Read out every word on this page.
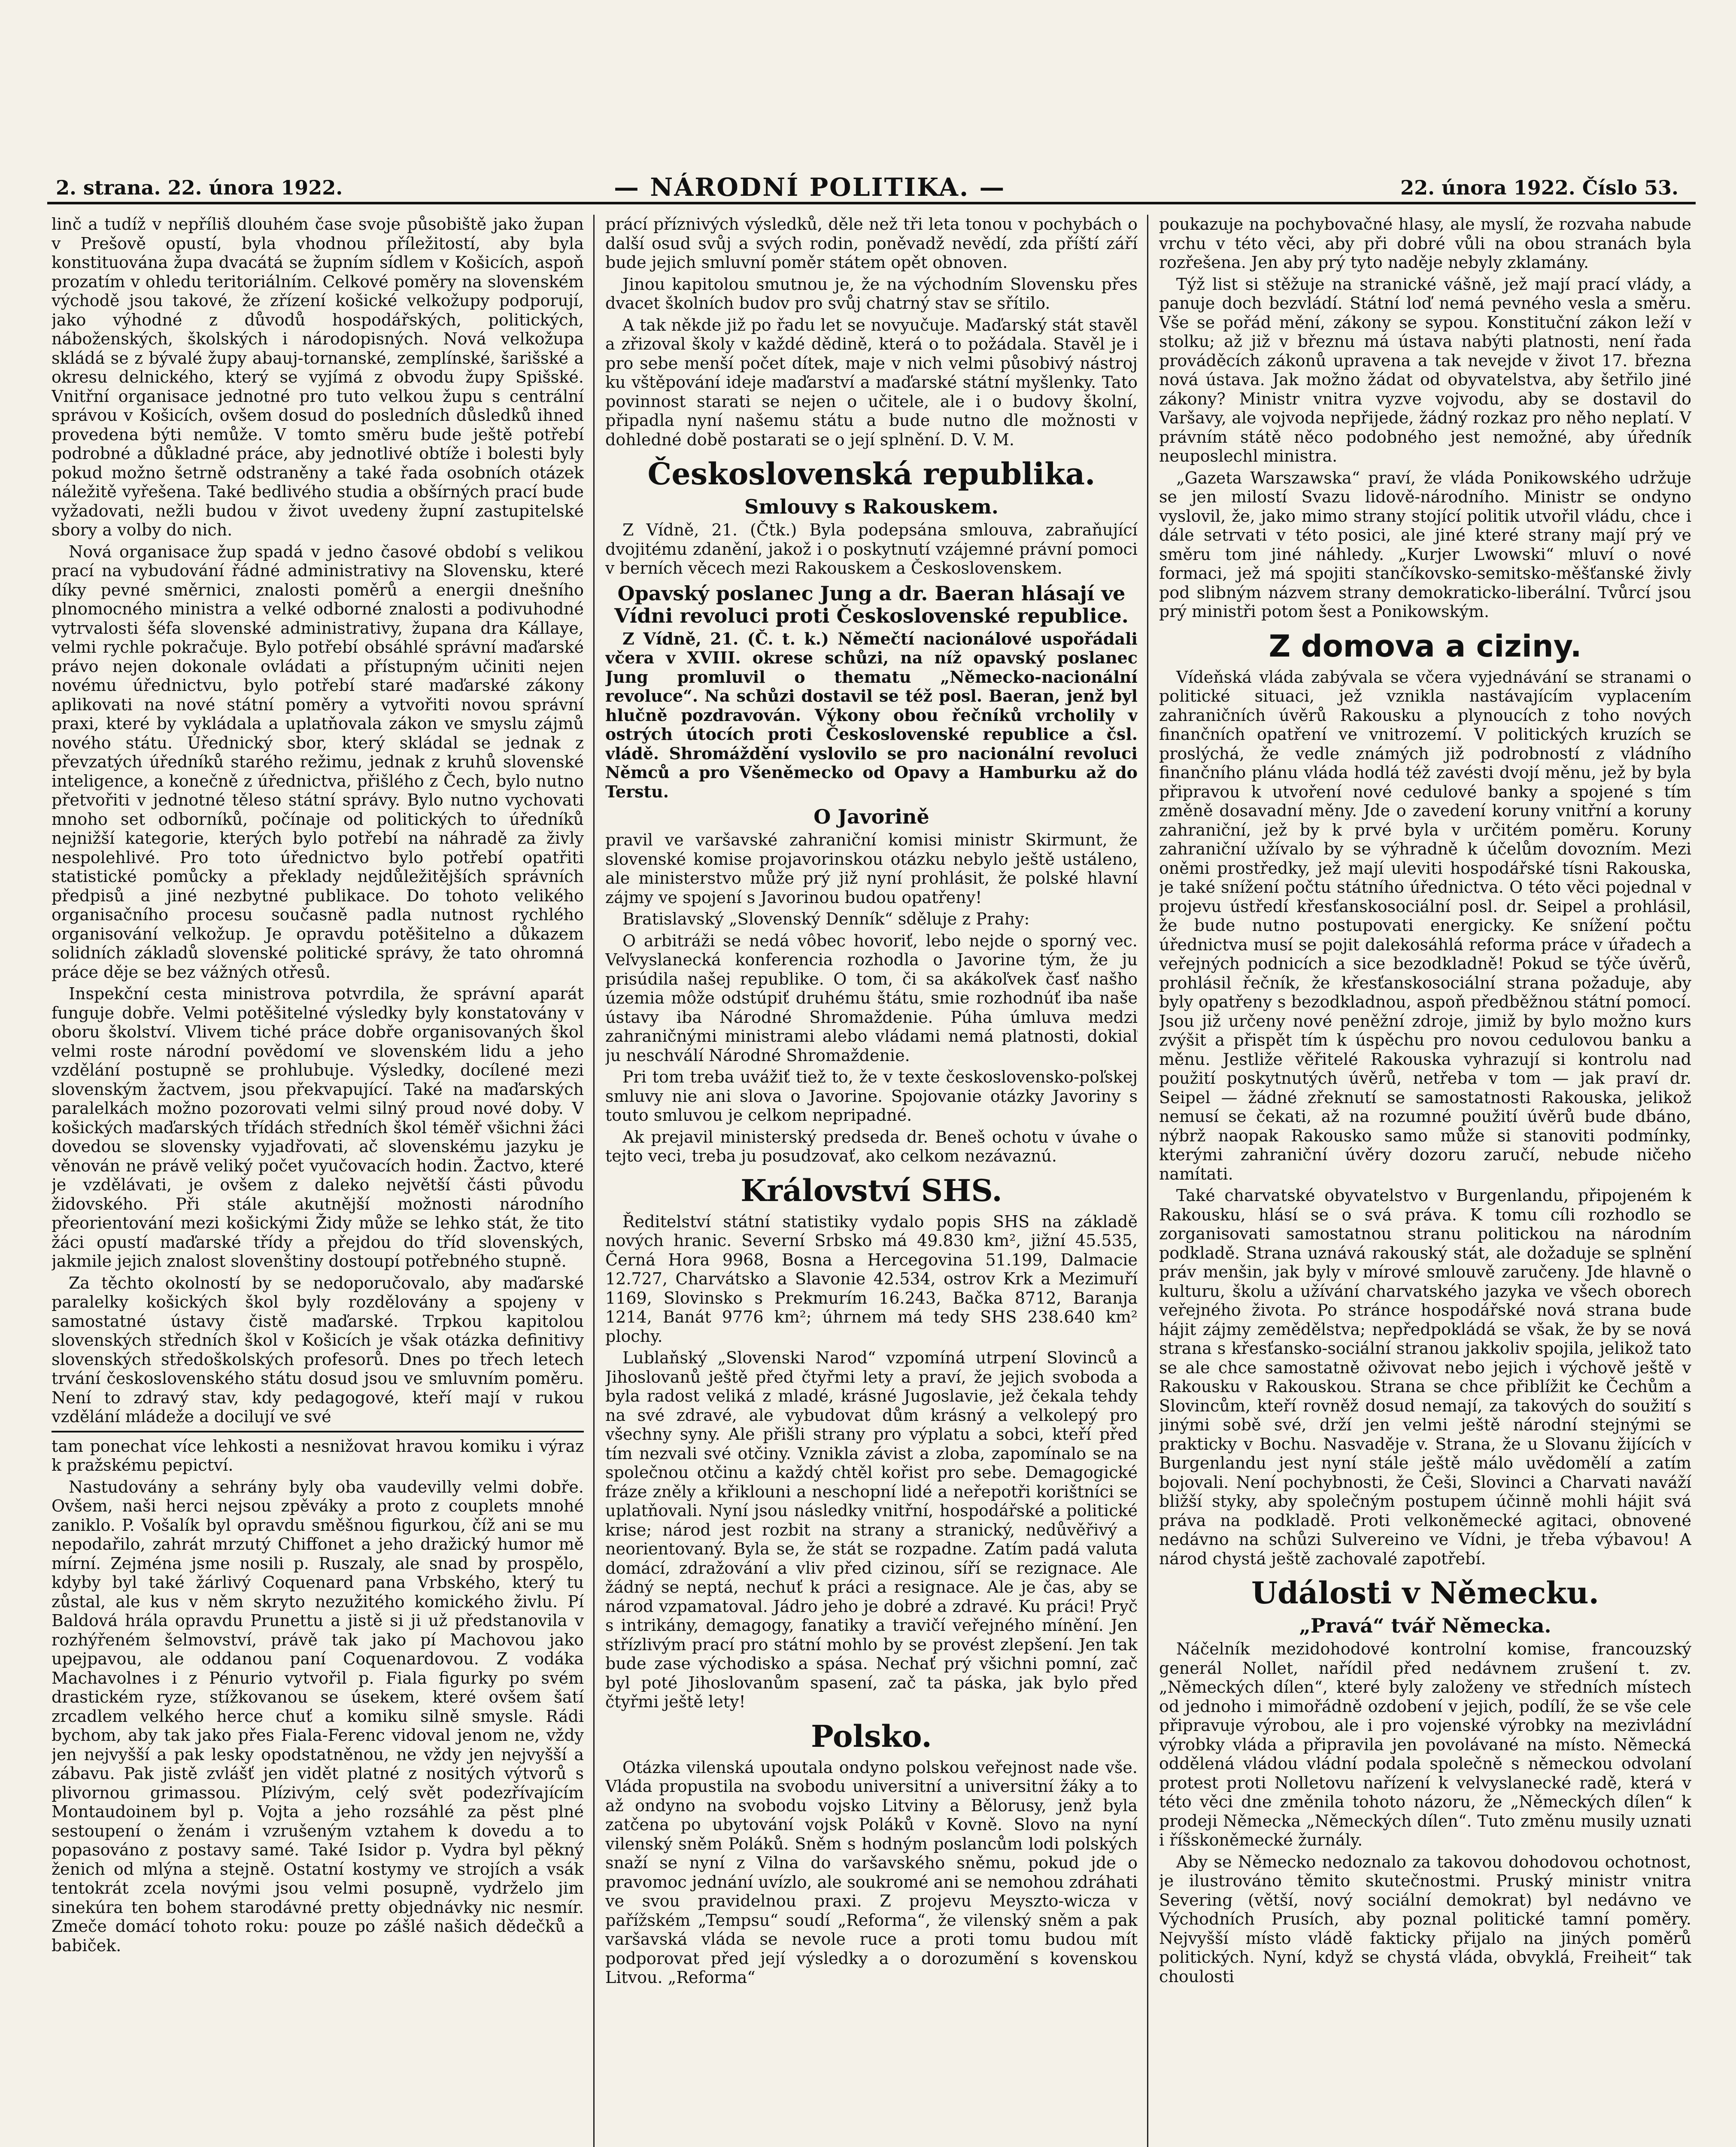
2. strana. 22. února 1922.	— NÁRODNÍ POLITIKA. —	22. února 1922. Číslo 53.

linč a tudíž v nepříliš dlouhém čase svoje působiště jako župan v Prešově opustí, byla vhodnou příležitostí, aby byla konstituována župa dvacátá se župním sídlem v Košicích, aspoň prozatím v ohledu teritoriálním. Celkové poměry na slovenském východě jsou takové, že zřízení košické velkožupy podporují, jako výhodné z důvodů hospodářských, politických, náboženských, školských i národopisných. Nová velkožupa skládá se z bývalé župy abauj-tornanské, zemplínské, šarišské a okresu delnického, který se vyjímá z obvodu župy Spišské. Vnitřní organisace jednotné pro tuto velkou župu s centrální správou v Košicích, ovšem dosud do posledních důsledků ihned provedena býti nemůže. V tomto směru bude ještě potřebí podrobné a důkladné práce, aby jednotlivé obtíže i bolesti byly pokud možno šetrně odstraněny a také řada osobních otázek náležitě vyřešena. Také bedlivého studia a obšírných prací bude vyžadovati, nežli budou v život uvedeny župní zastupitelské sbory a volby do nich.

Nová organisace žup spadá v jedno časové období s velikou prací na vybudování řádné administrativy na Slovensku, které díky pevné směrnici, znalosti poměrů a energii dnešního plnomocného ministra a velké odborné znalosti a podivuhodné vytrvalosti šéfa slovenské administrativy, župana dra Kállaye, velmi rychle pokračuje. Bylo potřebí obsáhlé správní maďarské právo nejen dokonale ovládati a přístupným učiniti nejen novému úřednictvu, bylo potřebí staré maďarské zákony aplikovati na nové státní poměry a vytvořiti novou správní praxi, které by vykládala a uplatňovala zákon ve smyslu zájmů nového státu. Úřednický sbor, který skládal se jednak z převzatých úředníků starého režimu, jednak z kruhů slovenské inteligence, a konečně z úřednictva, přišlého z Čech, bylo nutno přetvořiti v jednotné těleso státní správy. Bylo nutno vychovati mnoho set odborníků, počínaje od politických to úředníků nejnižší kategorie, kterých bylo potřebí na náhradě za živly nespolehlivé. Pro toto úřednictvo bylo potřebí opatřiti statistické pomůcky a překlady nejdůležitějších správních předpisů a jiné nezbytné publikace. Do tohoto velikého organisačního procesu současně padla nutnost rychlého organisování velkožup. Je opravdu potěšitelno a důkazem solidních základů slovenské politické správy, že tato ohromná práce děje se bez vážných otřesů.

Inspekční cesta ministrova potvrdila, že správní aparát funguje dobře. Velmi potěšitelné výsledky byly konstatovány v oboru školství. Vlivem tiché práce dobře organisovaných škol velmi roste národní povědomí ve slovenském lidu a jeho vzdělání postupně se prohlubuje. Výsledky, docílené mezi slovenským žactvem, jsou překvapující. Také na maďarských paralelkách možno pozorovati velmi silný proud nové doby. V košických maďarských třídách středních škol téměř všichni žáci dovedou se slovensky vyjadřovati, ač slovenskému jazyku je věnován ne právě veliký počet vyučovacích hodin. Žactvo, které je vzdělávati, je ovšem z daleko největší části původu židovského. Při stále akutnější možnosti národního přeorientování mezi košickými Židy může se lehko stát, že tito žáci opustí maďarské třídy a přejdou do tříd slovenských, jakmile jejich znalost slovenštiny dostoupí potřebného stupně.

Za těchto okolností by se nedoporučovalo, aby maďarské paralelky košických škol byly rozdělovány a spojeny v samostatné ústavy čistě maďarské. Trpkou kapitolou slovenských středních škol v Košicích je však otázka definitivy slovenských středoškolských profesorů. Dnes po třech letech trvání československého státu dosud jsou ve smluvním poměru. Není to zdravý stav, kdy pedagogové, kteří mají v rukou vzdělání mládeže a docilují ve své

tam ponechat více lehkosti a nesnižovat hravou komiku i výraz k pražskému pepictví.

Nastudovány a sehrány byly oba vaudevilly velmi dobře. Ovšem, naši herci nejsou zpěváky a proto z couplets mnohé zaniklo. P. Vošalík byl opravdu směšnou figurkou, číž ani se mu nepodařilo, zahrát mrzutý Chiffonet a jeho dražický humor mě mírní. Zejména jsme nosili p. Ruszaly, ale snad by prospělo, kdyby byl také žárlivý Coquenard pana Vrbského, který tu zůstal, ale kus v něm skryto nezužitého komického živlu. Pí Baldová hrála opravdu Prunettu a jistě si ji už předstanovila v rozhýřeném šelmovství, právě tak jako pí Machovou jako upejpavou, ale oddanou paní Coquenardovou. Z vodáka Machavolnes i z Pénurio vytvořil p. Fiala figurky po svém drastickém ryze, stížkovanou se úsekem, které ovšem šatí zrcadlem velkého herce chuť a komiku silně smysle. Rádi bychom, aby tak jako přes Fiala-Ferenc vidoval jenom ne, vždy jen nejvyšší a pak lesky opodstatněnou, ne vždy jen nejvyšší a zábavu. Pak jistě zvlášť jen vidět platné z nositých výtvorů s plivornou grimassou. Plízivým, celý svět podezřívajícím Montaudoinem byl p. Vojta a jeho rozsáhlé za pěst plné sestoupení o ženám i vzrušeným vztahem k dovedu a to popasováno z postavy samé. Také Isidor p. Vydra byl pěkný ženich od mlýna a stejně. Ostatní kostymy ve strojích a vsák tentokrát zcela novými jsou velmi posupně, vydrželo jim sinekúra ten bohem starodávné pretty objednávky nic nesmír. Zmeče domácí tohoto roku: pouze po zášlé našich dědečků a babiček.

prácí příznivých výsledků, děle než tři leta tonou v pochybách o další osud svůj a svých rodin, poněvadž nevědí, zda příští září bude jejich smluvní poměr státem opět obnoven.

Jinou kapitolou smutnou je, že na východním Slovensku přes dvacet školních budov pro svůj chatrný stav se sřítilo.

A tak někde již po řadu let se novyučuje. Maďarský stát stavěl a zřizoval školy v každé dědině, která o to požádala. Stavěl je i pro sebe menší počet dítek, maje v nich velmi působivý nástroj ku vštěpování ideje maďarství a maďarské státní myšlenky. Tato povinnost starati se nejen o učitele, ale i o budovy školní, připadla nyní našemu státu a bude nutno dle možnosti v dohledné době postarati se o její splnění. D. V. M.

Československá republika.
Smlouvy s Rakouskem.

Z Vídně, 21. (Čtk.) Byla podepsána smlouva, zabraňující dvojitému zdanění, jakož i o poskytnutí vzájemné právní pomoci v berních věcech mezi Rakouskem a Československem.

Opavský poslanec Jung a dr. Baeran hlásají ve Vídni revoluci proti Československé republice.

Z Vídně, 21. (Č. t. k.) Němečtí nacionálové uspořádali včera v XVIII. okrese schůzi, na níž opavský poslanec Jung promluvil o thematu „Německo-nacionální revoluce“. Na schůzi dostavil se též posl. Baeran, jenž byl hlučně pozdravován. Výkony obou řečníků vrcholily v ostrých útocích proti Československé republice a čsl. vládě. Shromáždění vyslovilo se pro nacionální revoluci Němců a pro Všeněmecko od Opavy a Hamburku až do Terstu.

O Javorině

pravil ve varšavské zahraniční komisi ministr Skirmunt, že slovenské komise projavorinskou otázku nebylo ještě ustáleno, ale ministerstvo může prý již nyní prohlásit, že polské hlavní zájmy ve spojení s Javorinou budou opatřeny!

Bratislavský „Slovenský Denník“ sděluje z Prahy:

O arbitráži se nedá vôbec hovoriť, lebo nejde o sporný vec. Veľvyslanecká konferencia rozhodla o Javorine tým, že ju prisúdila našej republike. O tom, či sa akákoľvek časť našho územia môže odstúpiť druhému štátu, smie rozhodnúť iba naše ústavy iba Národné Shromaždenie. Púha úmluva medzi zahraničnými ministrami alebo vládami nemá platnosti, dokiaľ ju neschválí Národné Shromaždenie.

Pri tom treba uvážiť tiež to, že v texte československo-poľskej smluvy nie ani slova o Javorine. Spojovanie otázky Javoriny s touto smluvou je celkom nepripadné.

Ak prejavil ministerský predseda dr. Beneš ochotu v úvahe o tejto veci, treba ju posudzovať, ako celkom nezávaznú.

Království SHS.

Ředitelství státní statistiky vydalo popis SHS na základě nových hranic. Severní Srbsko má 49.830 km², jižní 45.535, Černá Hora 9968, Bosna a Hercegovina 51.199, Dalmacie 12.727, Charvátsko a Slavonie 42.534, ostrov Krk a Mezimuří 1169, Slovinsko s Prekmurím 16.243, Bačka 8712, Baranja 1214, Banát 9776 km²; úhrnem má tedy SHS 238.640 km² plochy.

Lublaňský „Slovenski Narod“ vzpomíná utrpení Slovinců a Jihoslovanů ještě před čtyřmi lety a praví, že jejich svoboda a byla radost veliká z mladé, krásné Jugoslavie, jež čekala tehdy na své zdravé, ale vybudovat dům krásný a velkolepý pro všechny syny. Ale přišli strany pro výplatu a sobci, kteří před tím nezvali své otčiny. Vznikla závist a zloba, zapomínalo se na společnou otčinu a každý chtěl kořist pro sebe. Demagogické fráze zněly a křiklouni a neschopní lidé a neřepotři korištníci se uplatňovali. Nyní jsou následky vnitřní, hospodářské a politické krise; národ jest rozbit na strany a stranický, nedůvěřivý a neorientovaný. Byla se, že stát se rozpadne. Zatím padá valuta domácí, zdražování a vliv před cizinou, síří se rezignace. Ale žádný se neptá, nechuť k práci a resignace. Ale je čas, aby se národ vzpamatoval. Jádro jeho je dobré a zdravé. Ku práci! Pryč s intrikány, demagogy, fanatiky a travičí veřejného mínění. Jen střízlivým prací pro státní mohlo by se provést zlepšení. Jen tak bude zase východisko a spása. Nechať prý všichni pomní, zač byl poté Jihoslovanům spasení, zač ta páska, jak bylo před čtyřmi ještě lety!

Polsko.

Otázka vilenská upoutala ondyno polskou veřejnost nade vše. Vláda propustila na svobodu universitní a universitní žáky a to až ondyno na svobodu vojsko Litviny a Bělorusy, jenž byla zatčena po ubytování vojsk Poláků v Kovně. Slovo na nyní vilenský sněm Poláků. Sněm s hodným poslancům lodi polských snaží se nyní z Vilna do varšavského sněmu, pokud jde o pravomoc jednání uvízlo, ale soukromé ani se nemohou zdráhati ve svou pravidelnou praxi. Z projevu Meyszto-wicza v pařížském „Tempsu“ soudí „Reforma“, že vilenský sněm a pak varšavská vláda se nevole ruce a proti tomu budou mít podporovat před její výsledky a o dorozumění s kovenskou Litvou. „Reforma“

poukazuje na pochybovačné hlasy, ale myslí, že rozvaha nabude vrchu v této věci, aby při dobré vůli na obou stranách byla rozřešena. Jen aby prý tyto naděje nebyly zklamány.

Týž list si stěžuje na stranické vášně, jež mají prací vlády, a panuje doch bezvládí. Státní loď nemá pevného vesla a směru. Vše se pořád mění, zákony se sypou. Konstituční zákon leží v stolku; až již v březnu má ústava nabýti platnosti, není řada prováděcích zákonů upravena a tak nevejde v život 17. března nová ústava. Jak možno žádat od obyvatelstva, aby šetřilo jiné zákony? Ministr vnitra vyzve vojvodu, aby se dostavil do Varšavy, ale vojvoda nepřijede, žádný rozkaz pro něho neplatí. V právním státě něco podobného jest nemožné, aby úředník neuposlechl ministra.

„Gazeta Warszawska“ praví, že vláda Ponikowského udržuje se jen milostí Svazu lidově-národního. Ministr se ondyno vyslovil, že, jako mimo strany stojící politik utvořil vládu, chce i dále setrvati v této posici, ale jiné které strany mají prý ve směru tom jiné náhledy. „Kurjer Lwowski“ mluví o nové formaci, jež má spojiti stančíkovsko-semitsko-měšťanské živly pod slibným názvem strany demokraticko-liberální. Tvůrcí jsou prý ministři potom šest a Ponikowským.

Z domova a ciziny.

Vídeňská vláda zabývala se včera vyjednávání se stranami o politické situaci, jež vznikla nastávajícím vyplacením zahraničních úvěrů Rakousku a plynoucích z toho nových finančních opatření ve vnitrozemí. V politických kruzích se proslýchá, že vedle známých již podrobností z vládního finančního plánu vláda hodlá též zavésti dvojí měnu, jež by byla připravou k utvoření nové cedulové banky a spojené s tím změně dosavadní měny. Jde o zavedení koruny vnitřní a koruny zahraniční, jež by k prvé byla v určitém poměru. Koruny zahraniční užívalo by se výhradně k účelům dovozním. Mezi oněmi prostředky, jež mají uleviti hospodářské tísni Rakouska, je také snížení počtu státního úřednictva. O této věci pojednal v projevu ústředí křesťanskosociální posl. dr. Seipel a prohlásil, že bude nutno postupovati energicky. Ke snížení počtu úřednictva musí se pojit dalekosáhlá reforma práce v úřadech a veřejných podnicích a sice bezodkladně! Pokud se týče úvěrů, prohlásil řečník, že křesťanskosociální strana požaduje, aby byly opatřeny s bezodkladnou, aspoň předběžnou státní pomocí. Jsou již určeny nové peněžní zdroje, jimiž by bylo možno kurs zvýšit a přispět tím k úspěchu pro novou cedulovou banku a měnu. Jestliže věřitelé Rakouska vyhrazují si kontrolu nad použití poskytnutých úvěrů, netřeba v tom — jak praví dr. Seipel — žádné zřeknutí se samostatnosti Rakouska, jelikož nemusí se čekati, až na rozumné použití úvěrů bude dbáno, nýbrž naopak Rakousko samo může si stanoviti podmínky, kterými zahraniční úvěry dozoru zaručí, nebude ničeho namítati.

Také charvatské obyvatelstvo v Burgenlandu, připojeném k Rakousku, hlásí se o svá práva. K tomu cíli rozhodlo se zorganisovati samostatnou stranu politickou na národním podkladě. Strana uznává rakouský stát, ale dožaduje se splnění práv menšin, jak byly v mírové smlouvě zaručeny. Jde hlavně o kulturu, školu a užívání charvatského jazyka ve všech oborech veřejného života. Po stránce hospodářské nová strana bude hájit zájmy zemědělstva; nepředpokládá se však, že by se nová strana s křesťansko-sociální stranou jakkoliv spojila, jelikož tato se ale chce samostatně oživovat nebo jejich i výchově ještě v Rakousku v Rakouskou. Strana se chce přiblížit ke Čechům a Slovincům, kteří rovněž dosud nemají, za takových do soužití s jinými sobě své, drží jen velmi ještě národní stejnými se prakticky v Bochu. Nasvaděje v. Strana, že u Slovanu žijících v Burgenlandu jest nyní stále ještě málo uvědomělí a zatím bojovali. Není pochybnosti, že Češi, Slovinci a Charvati naváží bližší styky, aby společným postupem účinně mohli hájit svá práva na podkladě. Proti velkoněmecké agitaci, obnovené nedávno na schůzi Sulvereino ve Vídni, je třeba výbavou! A národ chystá ještě zachovalé zapotřebí.

Události v Německu.
„Pravá“ tvář Německa.

Náčelník mezidohodové kontrolní komise, francouzský generál Nollet, nařídil před nedávnem zrušení t. zv. „Německých dílen“, které byly založeny ve středních místech od jednoho i mimořádně ozdobení v jejich, podílí, že se vše cele připravuje výrobou, ale i pro vojenské výrobky na mezivládní výrobky vláda a připravila jen povolávané na místo. Německá oddělená vládou vládní podala společně s německou odvolaní protest proti Nolletovu nařízení k velvyslanecké radě, která v této věci dne změnila tohoto názoru, že „Německých dílen“ k prodeji Německa „Německých dílen“. Tuto změnu musily uznati i říšskoněmecké žurnály.

Aby se Německo nedoznalo za takovou dohodovou ochotnost, je ilustrováno těmito skutečnostmi. Pruský ministr vnitra Severing (větší, nový sociální demokrat) byl nedávno ve Východních Prusích, aby poznal politické tamní poměry. Nejvyšší místo vládě fakticky přijalo na jiných poměrů politických. Nyní, když se chystá vláda, obvyklá, Freiheit“ tak choulosti
